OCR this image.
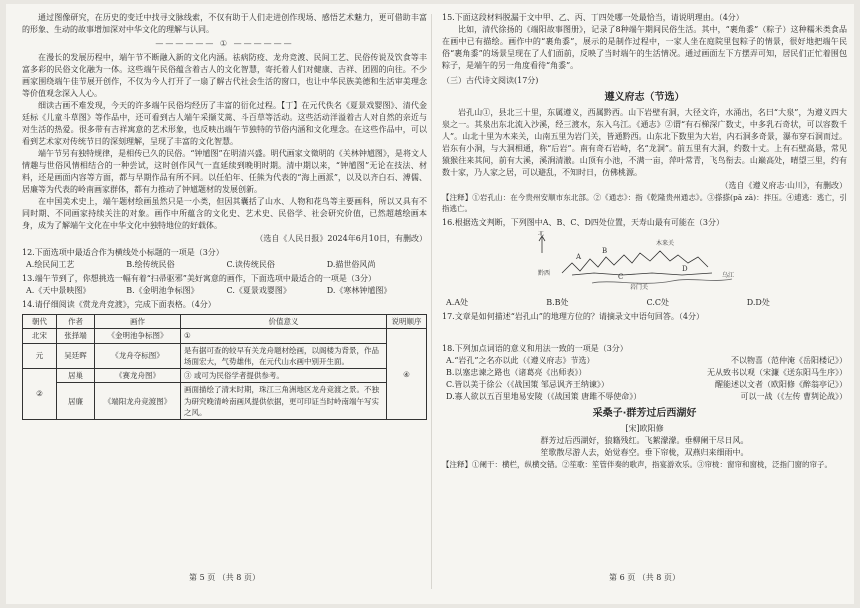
通过图像研究，在历史的变迁中找寻文脉线索，不仅有助于人们走进创作现场、感悟艺术魅力，更可借助丰富的形象、生动的故事增加深对中华文化的理解与认同。

—————— ① ——————

在漫长的发展历程中，端午节不断融入新的文化内涵。祛病防疫、龙舟竞渡、民间工艺、民俗传说及饮食等丰富多彩的民俗文化融为一体。这些端午民俗蕴含着古人的文化智慧，寄托着人们对健康、吉祥、团圆的向往。不少画家围绕端午佳节展开创作，不仅为今人打开了一扇了解古代社会生活的窗口，也让中华民族美德和生活审美理念等价值观念深入人心。

细读古画不难发现，今天的许多端午民俗均经历了丰富的衍化过程。【丁】在元代佚名《夏景戏婴图》、清代金廷标《儿童斗草图》等作品中，还可看到古人端午采撷艾蒿、斗百草等活动。这些活动洋溢着古人对自然的亲近与对生活的热爱。很多带有吉祥寓意的艺术形象，也反映出端午节独特的节俗内涵和文化理念。在这些作品中，可以看到艺术家对传统节日的深刻理解，呈现了丰富的文化智慧。

端午节另有独特规律，是相传已久的民俗。“钟馗图”在明清兴盛。明代画家文徵明的《关林钟馗图》，是将文人情趣与世俗风情相结合的一种尝试，这时创作风气一直延续到晚明时期。清中期以来，“钟馗图”无论在技法、材料，还是画面内容等方面，都与早期作品有所不同。以任伯年、任熊为代表的“海上画派”，以及以齐白石、溥儒、居廉等为代表的岭南画家群体，都有力推动了钟馗题材的发展创新。

在中国美术史上，端午题材绘画虽然只是一小类，但因其囊括了山水、人物和花鸟等主要画科，所以又具有不同时期、不同画家持续关注的对象。画作中所蕴含的文化史、艺术史、民俗学、社会研究价值，已然超越绘画本身，成为了解端午文化在中华文化中独特地位的好载体。

（选自《人民日报》2024年6月10日，有删改）
12.下面选项中最适合作为横线处小标题的一项是（3分）
A.绘民间工艺	B.绘传统民俗	C.读传统民俗	D.描世俗风尚
13.端午节到了，你想挑选一幅有着“扫帚驱邪”美好寓意的画作，下面选项中最适合的一项是（3分）
A.《天中景映图》	B.《金明池争标图》	C.《夏景戏婴图》	D.《寒林钟馗图》
14.请仔细阅读《赏龙舟竞渡》，完成下面表格。（4分）
朝代	作者	画作	价值意义	说明顺序
北宋	张择端	《金明池争标图》	①	④
元	吴廷晖	《龙舟夺标图》	是有据可查的较早有关龙舟题材绘画，以阁楼为背景，作品场面宏大，气势雄伟，在元代山水画中别开生面。	
②	居巢	《赛龙舟图》	③ 或可为民俗学者提供参考。	
	居廉	《端阳龙舟竞渡图》	画面描绘了清末时期，珠江三角洲地区龙舟竞渡之景。不独为研究晚清岭南画风提供依据，更可印证当时岭南端午写实之风。	
第 5 页 （共 8 页）
15.下面这段材料脱漏于文中甲、乙、丙、丁四处哪一处最恰当，请说明理由。（4分）

比如，清代徐扬的《端阳故事图册》，记录了8种端午期间民俗生活。其中，“裹角黍”（粽子）这种糯米类食品在画中已有描绘。画作中的“裹角黍”，展示的是制作过程中，一家人坐在庭院里包粽子的情景，很好地把端午民俗“裹角黍”的场景呈现在了人们面前，反映了当时端午的生活情况。通过画面左下方摆弄可知，居民们正忙着围包粽子，是端午的另一角度看待“角黍”。

（三）古代诗文阅读(17分)
遵义府志（节选）

岩孔山①，县北三十里，东属遵义，西属黔西。山下岩壁有洞，大径文许，水涌出，名曰“大泉”，为遵义四大泉之一。其泉出东北流入沙溪，经三渡水，东入乌江。《通志》②谓“有石梯深广数丈，中多乳石奇状，可以容数千人”。山北十里为木来关，山南五里为岩门关，皆通黔西。山东北下数里为大岩，内石洞多奇景，瀑布穿石洞而过。岩东有小洞，与大洞相通，称“后岩”。南有奇石岩峙，名“龙洞”。前五里有大洞，约数十丈。上有石壁高悬，常见猿猴往来其间，前有大溪，溪涧清澈。山顶有小池，不满一亩，萍叶常青，飞鸟衔去。山巅高处，晴望三里，约有数十家，乃人家之居，可以避乱，不知时日，仿佛桃源。

（选自《遵义府志·山川》，有删改）

【注释】①岩孔山：在今贵州安顺市东北部。②《通志》：指《乾隆贵州通志》。③搽搽(pā zā)：拌压。④逋逃：逃亡，引指逃亡。

16.根据选文判断，下列图中A、B、C、D四处位置，天寿山最有可能在（3分）
北
木来关
黔西
A
B
C
D
岩门关
乌江
A.A处	B.B处	C.C处	D.D处
17.文章是如何描述“岩孔山”的地理方位的？请摘录文中语句回答。（4分）
18.下列加点词语的意义和用法一致的一项是（3分）
A.“岩孔”之名亦以此（《遵义府志》节选）	不以物喜（范仲淹《岳阳楼记》）
B.以塞忠谏之路也（诸葛亮《出师表》）	无从致书以观（宋濂《送东阳马生序》）
C.皆以美于徐公（《战国策 邹忌讽齐王纳谏》）	醒能述以文者（欧阳修《醉翁亭记》）
D.寡人欲以五百里地易安陵（《战国策 唐雎不辱使命》）	可以一战（《左传 曹刿论战》）
采桑子·群芳过后西湖好
[宋]欧阳修
群芳过后西湖好，狼籍残红。飞絮濛濛。垂柳阑干尽日风。
笙歌散尽游人去，始觉春空。垂下帘栊，双燕归来细雨中。

【注释】①阑干：横栏，纵横交错。②笙歌：笙管伴奏的歌声，指宴游欢乐。③帘栊：窗帘和窗栊，泛指门窗的帘子。

第 6 页 （共 8 页）
